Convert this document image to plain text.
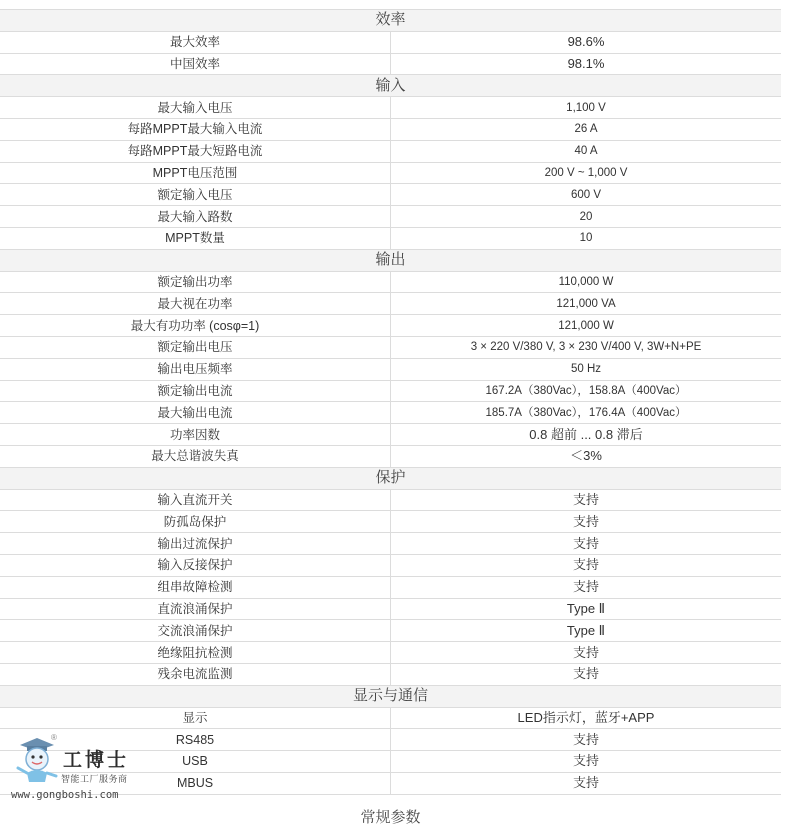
效率	
最大效率	98.6%
中国效率	98.1%
输入	
最大输入电压	1,100 V
每路MPPT最大输入电流	26 A
每路MPPT最大短路电流	40 A
MPPT电压范围	200 V ~ 1,000 V
额定输入电压	600 V
最大输入路数	20
MPPT数量	10
输出	
额定输出功率	110,000 W
最大视在功率	121,000 VA
最大有功功率 (cosφ=1)	121,000 W
额定输出电压	3 × 220 V/380 V, 3 × 230 V/400 V, 3W+N+PE
输出电压频率	50 Hz
额定输出电流	167.2A（380Vac），158.8A（400Vac）
最大输出电流	185.7A（380Vac），176.4A（400Vac）
功率因数	0.8 超前 ... 0.8 滞后
最大总谐波失真	＜3%
保护	
输入直流开关	支持
防孤岛保护	支持
输出过流保护	支持
输入反接保护	支持
组串故障检测	支持
直流浪涌保护	Type Ⅱ
交流浪涌保护	Type Ⅱ
绝缘阻抗检测	支持
残余电流监测	支持
显示与通信	
显示	LED指示灯，蓝牙+APP
RS485	支持
USB	支持
MBUS	支持
常规参数
®
工博士
智能工厂服务商
www.gongboshi.com
